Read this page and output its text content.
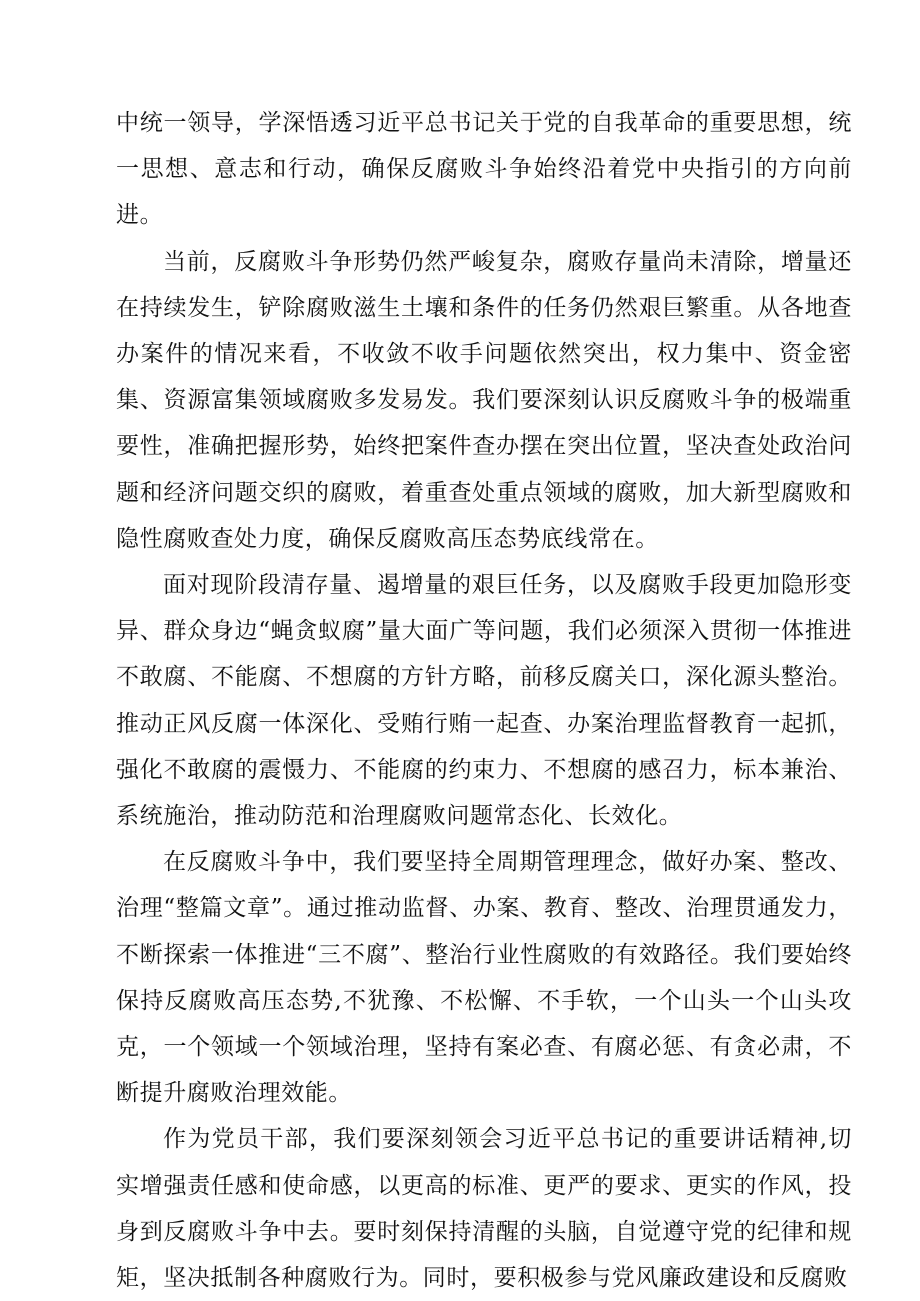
中统一领导，学深悟透习近平总书记关于党的自我革命的重要思想，统一思想、意志和行动，确保反腐败斗争始终沿着党中央指引的方向前进。

当前，反腐败斗争形势仍然严峻复杂，腐败存量尚未清除，增量还在持续发生，铲除腐败滋生土壤和条件的任务仍然艰巨繁重。从各地查办案件的情况来看，不收敛不收手问题依然突出，权力集中、资金密集、资源富集领域腐败多发易发。我们要深刻认识反腐败斗争的极端重要性，准确把握形势，始终把案件查办摆在突出位置，坚决查处政治问题和经济问题交织的腐败，着重查处重点领域的腐败，加大新型腐败和隐性腐败查处力度，确保反腐败高压态势底线常在。

面对现阶段清存量、遏增量的艰巨任务，以及腐败手段更加隐形变异、群众身边“蝇贪蚁腐”量大面广等问题，我们必须深入贯彻一体推进不敢腐、不能腐、不想腐的方针方略，前移反腐关口，深化源头整治。推动正风反腐一体深化、受贿行贿一起查、办案治理监督教育一起抓，强化不敢腐的震慑力、不能腐的约束力、不想腐的感召力，标本兼治、系统施治，推动防范和治理腐败问题常态化、长效化。

在反腐败斗争中，我们要坚持全周期管理理念，做好办案、整改、治理“整篇文章”。通过推动监督、办案、教育、整改、治理贯通发力，不断探索一体推进“三不腐”、整治行业性腐败的有效路径。我们要始终保持反腐败高压态势,不犹豫、不松懈、不手软，一个山头一个山头攻克，一个领域一个领域治理，坚持有案必查、有腐必惩、有贪必肃，不断提升腐败治理效能。

作为党员干部，我们要深刻领会习近平总书记的重要讲话精神,切实增强责任感和使命感，以更高的标准、更严的要求、更实的作风，投身到反腐败斗争中去。要时刻保持清醒的头脑，自觉遵守党的纪律和规矩，坚决抵制各种腐败行为。同时，要积极参与党风廉政建设和反腐败
